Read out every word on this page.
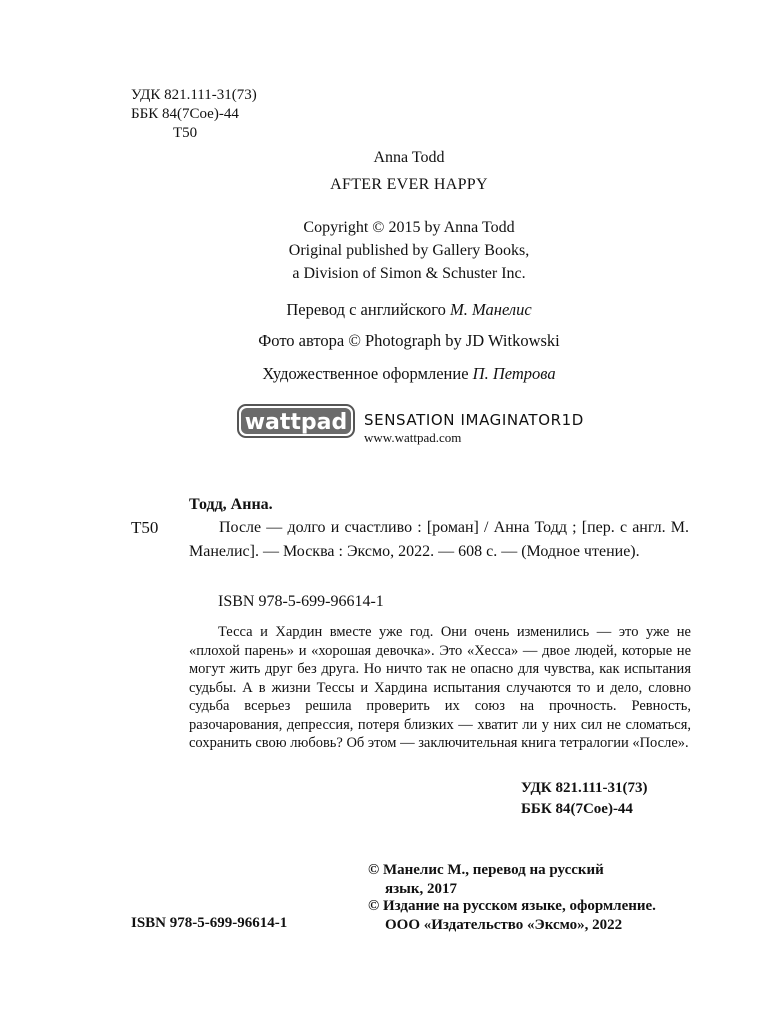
УДК 821.111-31(73)
ББК 84(7Сое)-44
Т50
Anna Todd
AFTER EVER HAPPY
Copyright © 2015 by Anna Todd
Original published by Gallery Books,
a Division of Simon & Schuster Inc.
Перевод с английского М. Манелис
Фото автора © Photograph by JD Witkowski
Художественное оформление П. Петрова
wattpad SENSATION IMAGINATOR1D
www.wattpad.com
Тодд, Анна.
Т50	После — долго и счастливо : [роман] / Анна Тодд ; [пер. с англ. М. Манелис]. — Москва : Эксмо, 2022. — 608 с. — (Модное чтение).
ISBN 978-5-699-96614-1
Тесса и Хардин вместе уже год. Они очень изменились — это уже не «плохой парень» и «хорошая девочка». Это «Хесса» — двое людей, которые не могут жить друг без друга. Но ничто так не опасно для чувства, как испытания судьбы. А в жизни Тессы и Хардина испытания случаются то и дело, словно судьба всерьез решила проверить их союз на прочность. Ревность, разочарования, депрессия, потеря близких — хватит ли у них сил не сломаться, сохранить свою любовь? Об этом — заключительная книга тетралогии «После».
УДК 821.111-31(73)
ББК 84(7Сое)-44
© Манелис М., перевод на русский
язык, 2017
© Издание на русском языке, оформление.
ООО «Издательство «Эксмо», 2022
ISBN 978-5-699-96614-1
